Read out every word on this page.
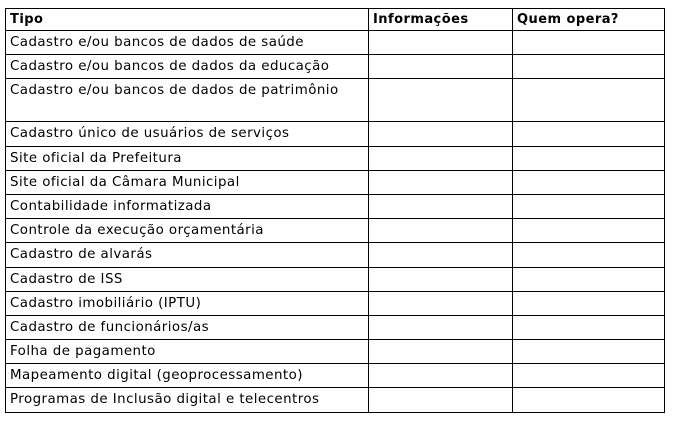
Tipo	Informações	Quem opera?
Cadastro e/ou bancos de dados de saúde		
Cadastro e/ou bancos de dados da educação		
Cadastro e/ou bancos de dados de patrimônio		
Cadastro único de usuários de serviços		
Site oficial da Prefeitura		
Site oficial da Câmara Municipal		
Contabilidade informatizada		
Controle da execução orçamentária		
Cadastro de alvarás		
Cadastro de ISS		
Cadastro imobiliário (IPTU)		
Cadastro de funcionários/as		
Folha de pagamento		
Mapeamento digital (geoprocessamento)		
Programas de Inclusão digital e telecentros		
